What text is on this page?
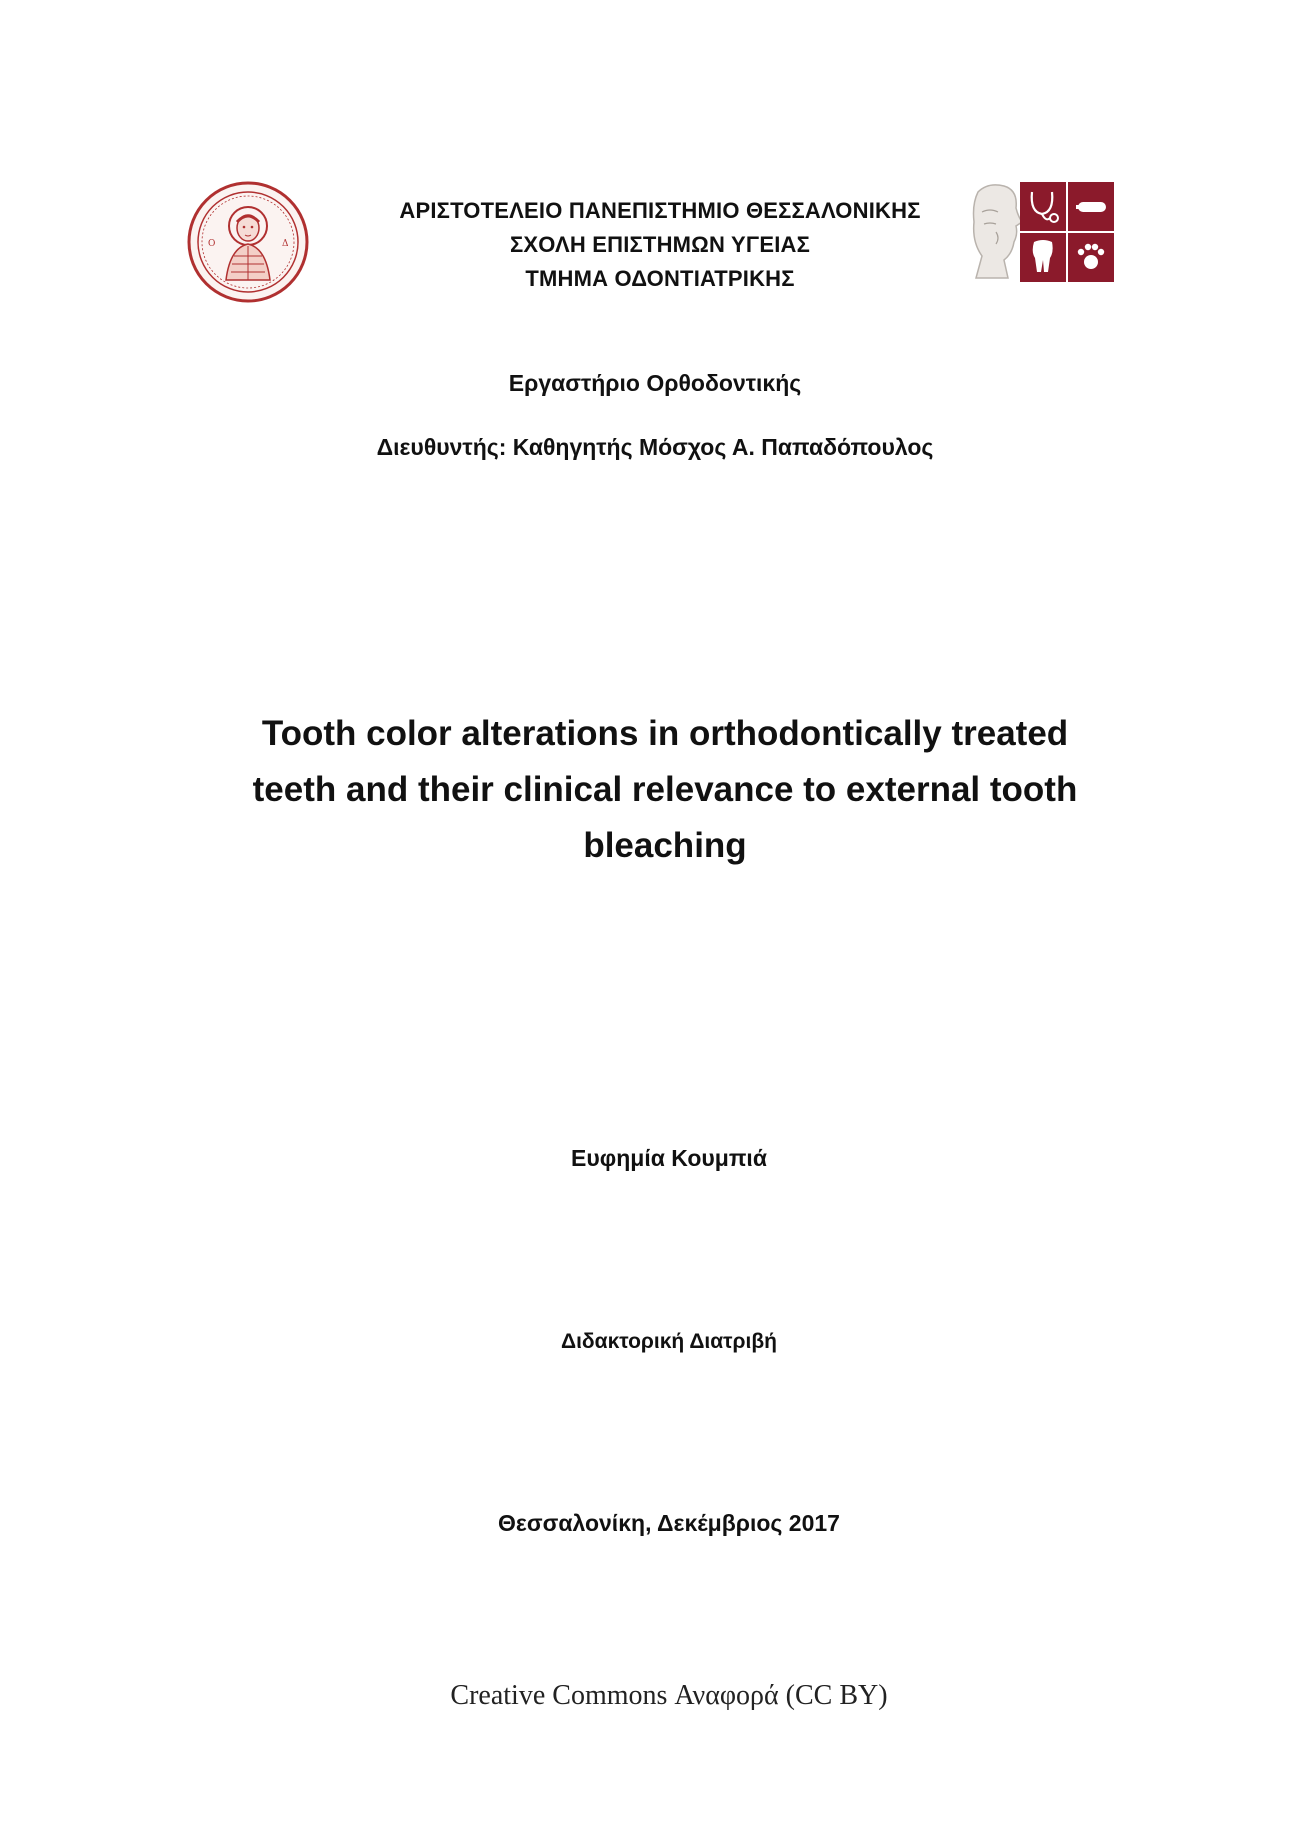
Ο	Δ
ΑΡΙΣΤΟΤΕΛΕΙΟ ΠΑΝΕΠΙΣΤΗΜΙΟ ΘΕΣΣΑΛΟΝΙΚΗΣ
ΣΧΟΛΗ ΕΠΙΣΤΗΜΩΝ ΥΓΕΙΑΣ
ΤΜΗΜΑ ΟΔΟΝΤΙΑΤΡΙΚΗΣ
Εργαστήριο Ορθοδοντικής
Διευθυντής: Καθηγητής Μόσχος Α. Παπαδόπουλος
Tooth color alterations in orthodontically treated
teeth and their clinical relevance to external tooth
bleaching
Ευφημία Κουμπιά
Διδακτορική Διατριβή
Θεσσαλονίκη, Δεκέμβριος 2017
Creative Commons Αναφορά (CC BY)
